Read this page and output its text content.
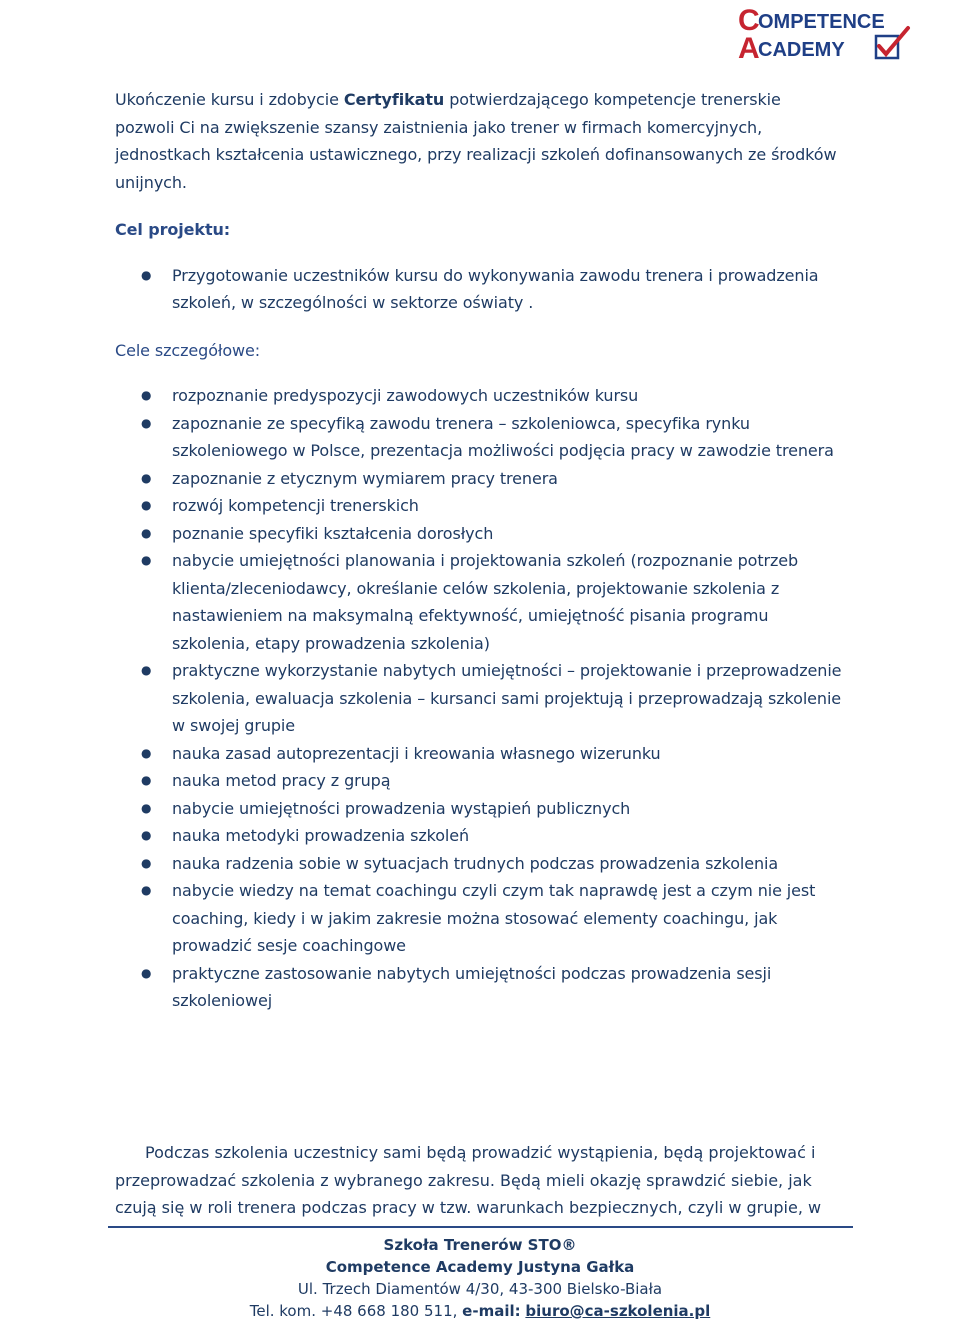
C
OMPETENCE
A
CADEMY

Ukończenie kursu i zdobycie Certyfikatu potwierdzającego kompetencje trenerskie pozwoli Ci na zwiększenie szansy zaistnienia jako trener w firmach komercyjnych, jednostkach kształcenia ustawicznego, przy realizacji szkoleń dofinansowanych ze środków unijnych.

Cel projektu:

● Przygotowanie uczestników kursu do wykonywania zawodu trenera i prowadzenia szkoleń, w szczególności w sektorze oświaty .

Cele szczegółowe:

● rozpoznanie predyspozycji zawodowych uczestników kursu
● zapoznanie ze specyfiką zawodu trenera – szkoleniowca, specyfika rynku szkoleniowego w Polsce, prezentacja możliwości podjęcia pracy w zawodzie trenera
● zapoznanie z etycznym wymiarem pracy trenera
● rozwój kompetencji trenerskich
● poznanie specyfiki kształcenia dorosłych
● nabycie umiejętności planowania i projektowania szkoleń (rozpoznanie potrzeb klienta/zleceniodawcy, określanie celów szkolenia, projektowanie szkolenia z nastawieniem na maksymalną efektywność, umiejętność pisania programu szkolenia, etapy prowadzenia szkolenia)
● praktyczne wykorzystanie nabytych umiejętności – projektowanie i przeprowadzenie szkolenia, ewaluacja szkolenia – kursanci sami projektują i przeprowadzają szkolenie w swojej grupie
● nauka zasad autoprezentacji i kreowania własnego wizerunku
● nauka metod pracy z grupą
● nabycie umiejętności prowadzenia wystąpień publicznych
● nauka metodyki prowadzenia szkoleń
● nauka radzenia sobie w sytuacjach trudnych podczas prowadzenia szkolenia
● nabycie wiedzy na temat coachingu czyli czym tak naprawdę jest a czym nie jest coaching, kiedy i w jakim zakresie można stosować elementy coachingu, jak prowadzić sesje coachingowe
● praktyczne zastosowanie nabytych umiejętności podczas prowadzenia sesji szkoleniowej

Podczas szkolenia uczestnicy sami będą prowadzić wystąpienia, będą projektować i przeprowadzać szkolenia z wybranego zakresu. Będą mieli okazję sprawdzić siebie, jak czują się w roli trenera podczas pracy w tzw. warunkach bezpiecznych, czyli w grupie, w

Szkoła Trenerów STO®
Competence Academy Justyna Gałka
Ul. Trzech Diamentów 4/30, 43-300 Bielsko-Biała
Tel. kom. +48 668 180 511, e-mail: biuro@ca-szkolenia.pl
